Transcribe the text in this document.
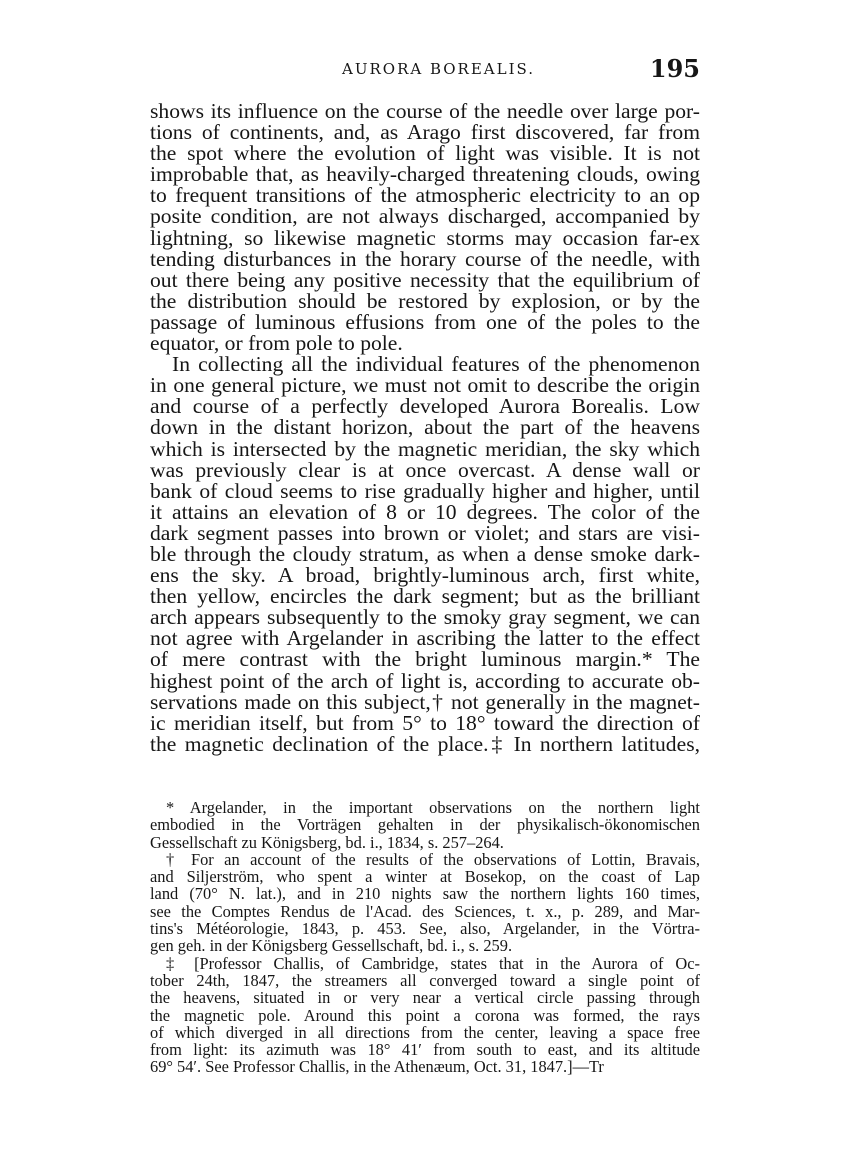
AURORA BOREALIS.	195
shows its influence on the course of the needle over large por-
tions of continents, and, as Arago first discovered, far from
the spot where the evolution of light was visible. It is not
improbable that, as heavily-charged threatening clouds, owing
to frequent transitions of the atmospheric electricity to an op
posite condition, are not always discharged, accompanied by
lightning, so likewise magnetic storms may occasion far-ex
tending disturbances in the horary course of the needle, with
out there being any positive necessity that the equilibrium of
the distribution should be restored by explosion, or by the
passage of luminous effusions from one of the poles to the
equator, or from pole to pole.
In collecting all the individual features of the phenomenon
in one general picture, we must not omit to describe the origin
and course of a perfectly developed Aurora Borealis. Low
down in the distant horizon, about the part of the heavens
which is intersected by the magnetic meridian, the sky which
was previously clear is at once overcast. A dense wall or
bank of cloud seems to rise gradually higher and higher, until
it attains an elevation of 8 or 10 degrees. The color of the
dark segment passes into brown or violet; and stars are visi-
ble through the cloudy stratum, as when a dense smoke dark-
ens the sky. A broad, brightly-luminous arch, first white,
then yellow, encircles the dark segment; but as the brilliant
arch appears subsequently to the smoky gray segment, we can
not agree with Argelander in ascribing the latter to the effect
of mere contrast with the bright luminous margin.* The
highest point of the arch of light is, according to accurate ob-
servations made on this subject,† not generally in the magnet-
ic meridian itself, but from 5° to 18° toward the direction of
the magnetic declination of the place.‡ In northern latitudes,
* Argelander, in the important observations on the northern light
embodied in the Vorträgen gehalten in der physikalisch-ökonomischen
Gessellschaft zu Königsberg, bd. i., 1834, s. 257–264.
† For an account of the results of the observations of Lottin, Bravais,
and Siljerström, who spent a winter at Bosekop, on the coast of Lap
land (70° N. lat.), and in 210 nights saw the northern lights 160 times,
see the Comptes Rendus de l'Acad. des Sciences, t. x., p. 289, and Mar-
tins's Météorologie, 1843, p. 453. See, also, Argelander, in the Vörtra-
gen geh. in der Königsberg Gessellschaft, bd. i., s. 259.
‡ [Professor Challis, of Cambridge, states that in the Aurora of Oc-
tober 24th, 1847, the streamers all converged toward a single point of
the heavens, situated in or very near a vertical circle passing through
the magnetic pole. Around this point a corona was formed, the rays
of which diverged in all directions from the center, leaving a space free
from light: its azimuth was 18° 41′ from south to east, and its altitude
69° 54′. See Professor Challis, in the Athenæum, Oct. 31, 1847.]—Tr
